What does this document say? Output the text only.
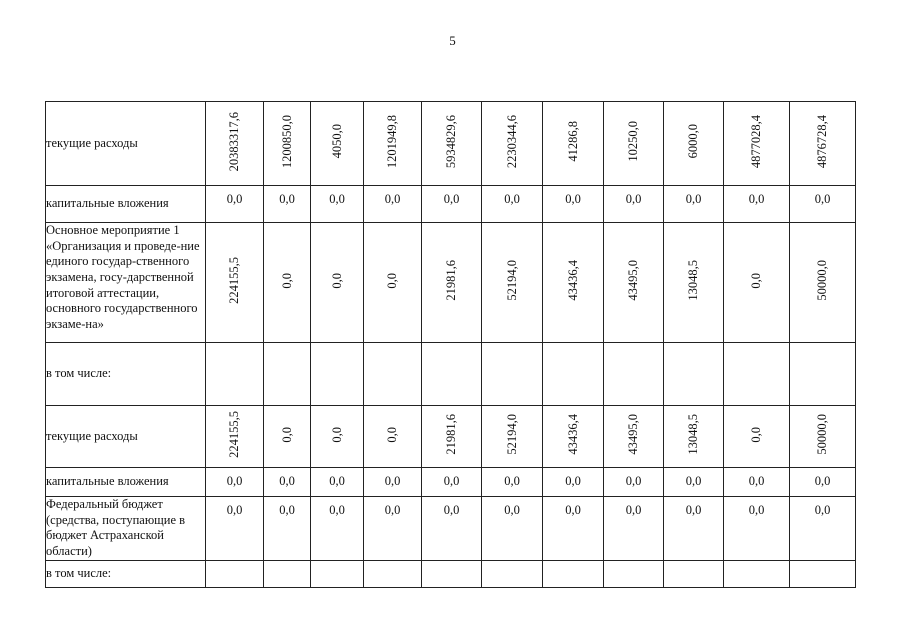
5
текущие расходы	20383317,6	1200850,0	4050,0	1201949,8	5934829,6	2230344,6	41286,8	10250,0	6000,0	4877028,4	4876728,4
капитальные вложения	0,0	0,0	0,0	0,0	0,0	0,0	0,0	0,0	0,0	0,0	0,0
Основное мероприятие 1 «Организация и проведе-ние единого государ-ственного экзамена, госу-дарственной итоговой аттестации, основного государственного экзаме-на»	224155,5	0,0	0,0	0,0	21981,6	52194,0	43436,4	43495,0	13048,5	0,0	50000,0
в том числе:											
текущие расходы	224155,5	0,0	0,0	0,0	21981,6	52194,0	43436,4	43495,0	13048,5	0,0	50000,0
капитальные вложения	0,0	0,0	0,0	0,0	0,0	0,0	0,0	0,0	0,0	0,0	0,0
Федеральный бюджет (средства, поступающие в бюджет Астраханской области)	0,0	0,0	0,0	0,0	0,0	0,0	0,0	0,0	0,0	0,0	0,0
в том числе:											
